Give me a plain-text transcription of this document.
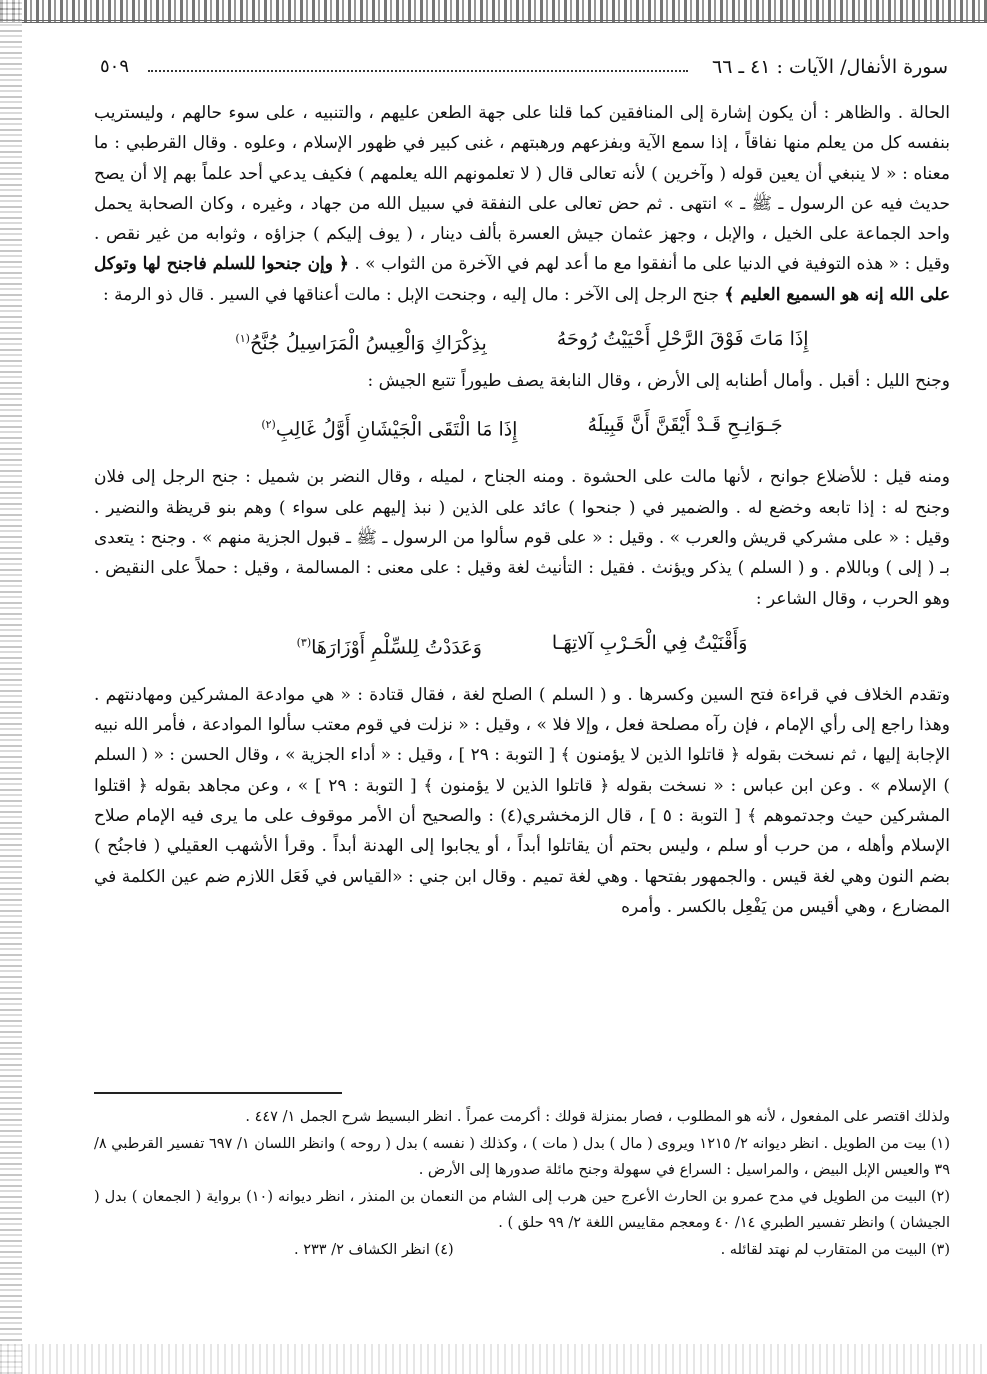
٥٠٩	سورة الأنفال/ الآيات : ٤١ ـ ٦٦

الحالة . والظاهر : أن يكون إشارة إلى المنافقين كما قلنا على جهة الطعن عليهم ، والتنبيه ، على سوء حالهم ، وليستريب بنفسه كل من يعلم منها نفاقاً ، إذا سمع الآية وبفزعهم ورهبتهم ، غنى كبير في ظهور الإسلام ، وعلوه . وقال القرطبي : ما معناه : « لا ينبغي أن يعين قوله ( وآخرين ) لأنه تعالى قال ( لا تعلمونهم الله يعلمهم ) فكيف يدعي أحد علماً بهم إلا أن يصح حديث فيه عن الرسول ـ ﷺ ـ » انتهى . ثم حض تعالى على النفقة في سبيل الله من جهاد ، وغيره ، وكان الصحابة يحمل واحد الجماعة على الخيل ، والإبل ، وجهز عثمان جيش العسرة بألف دينار ، ( يوف إليكم ) جزاؤه ، وثوابه من غير نقص . وقيل : « هذه التوفية في الدنيا على ما أنفقوا مع ما أعد لهم في الآخرة من الثواب » . ﴿ وإن جنحوا للسلم فاجنح لها وتوكل على الله إنه هو السميع العليم ﴾ جنح الرجل إلى الآخر : مال إليه ، وجنحت الإبل : مالت أعناقها في السير . قال ذو الرمة :

إِذَا مَاتَ فَوْقَ الرَّحْلِ أَحْيَيْتُ رُوحَهُ
بِذِكْرَاكِ وَالْعِيسُ الْمَرَاسِيلُ جُنَّحُ$^{(١)}$

وجنح الليل : أقبل . وأمال أطنابه إلى الأرض ، وقال النابغة يصف طيوراً تتبع الجيش :

جَـوَانِـحِ قَـدْ أَيْقَنَّ أَنَّ قَبِيلَهُ
إِذَا مَا الْتَقَى الْجَيْشَانِ أَوَّلُ غَالِبِ$^{(٢)}$

ومنه قيل : للأضلاع جوانح ، لأنها مالت على الحشوة . ومنه الجناح ، لميله ، وقال النضر بن شميل : جنح الرجل إلى فلان وجنح له : إذا تابعه وخضع له . والضمير في ( جنحوا ) عائد على الذين ( نبذ إليهم على سواء ) وهم بنو قريظة والنضير . وقيل : « على مشركي قريش والعرب » . وقيل : « على قوم سألوا من الرسول ـ ﷺ ـ قبول الجزية منهم » . وجنح : يتعدى بـ ( إلى ) وباللام . و ( السلم ) يذكر ويؤنث . فقيل : التأنيث لغة وقيل : على معنى : المسالمة ، وقيل : حملاً على النقيض . وهو الحرب ، وقال الشاعر :

وَأَقْنَيْتُ فِي الْحَـرْبِ آلاتِهَـا
وَعَدَدْتُ لِلسِّلْمِ أَوْزَارَهَا$^{(٣)}$

وتقدم الخلاف في قراءة فتح السين وكسرها . و ( السلم ) الصلح لغة ، فقال قتادة : « هي موادعة المشركين ومهادنتهم . وهذا راجع إلى رأي الإمام ، فإن رآه مصلحة فعل ، وإلا فلا » ، وقيل : « نزلت في قوم معتب سألوا الموادعة ، فأمر الله نبيه الإجابة إليها ، ثم نسخت بقوله ﴿ قاتلوا الذين لا يؤمنون ﴾ [ التوبة : ٢٩ ] ، وقيل : « أداء الجزية » ، وقال الحسن : « ( السلم ) الإسلام » . وعن ابن عباس : « نسخت بقوله ﴿ قاتلوا الذين لا يؤمنون ﴾ [ التوبة : ٢٩ ] » ، وعن مجاهد بقوله ﴿ اقتلوا المشركين حيث وجدتموهم ﴾ [ التوبة : ٥ ] ، قال الزمخشري(٤) : والصحيح أن الأمر موقوف على ما يرى فيه الإمام صلاح الإسلام وأهله ، من حرب أو سلم ، وليس بحتم أن يقاتلوا أبداً ، أو يجابوا إلى الهدنة أبداً . وقرأ الأشهب العقيلي ( فاجنُح ) بضم النون وهي لغة قيس . والجمهور بفتحها . وهي لغة تميم . وقال ابن جني : «القياس في فَعَل اللازم ضم عين الكلمة في المضارع ، وهي أقيس من يَفْعِل بالكسر . وأمره

ولذلك اقتصر على المفعول ، لأنه هو المطلوب ، فصار بمنزلة قولك : أكرمت عمراً . انظر البسيط شرح الجمل ١/ ٤٤٧ .

(١) بيت من الطويل . انظر ديوانه ٢/ ١٢١٥ ويروى ( مال ) بدل ( مات ) ، وكذلك ( نفسه ) بدل ( روحه ) وانظر اللسان ١/ ٦٩٧ تفسير القرطبي ٨/ ٣٩ والعيس الإبل البيض ، والمراسيل : السراع في سهولة وجنح مائلة صدورها إلى الأرض .

(٢) البيت من الطويل في مدح عمرو بن الحارث الأعرج حين هرب إلى الشام من النعمان بن المنذر ، انظر ديوانه (١٠) برواية ( الجمعان ) بدل ( الجيشان ) وانظر تفسير الطبري ١٤/ ٤٠ ومعجم مقاييس اللغة ٢/ ٩٩ حلق ) .

(٣) البيت من المتقارب لم نهتد لقائله .
(٤) انظر الكشاف ٢/ ٢٣٣ .
